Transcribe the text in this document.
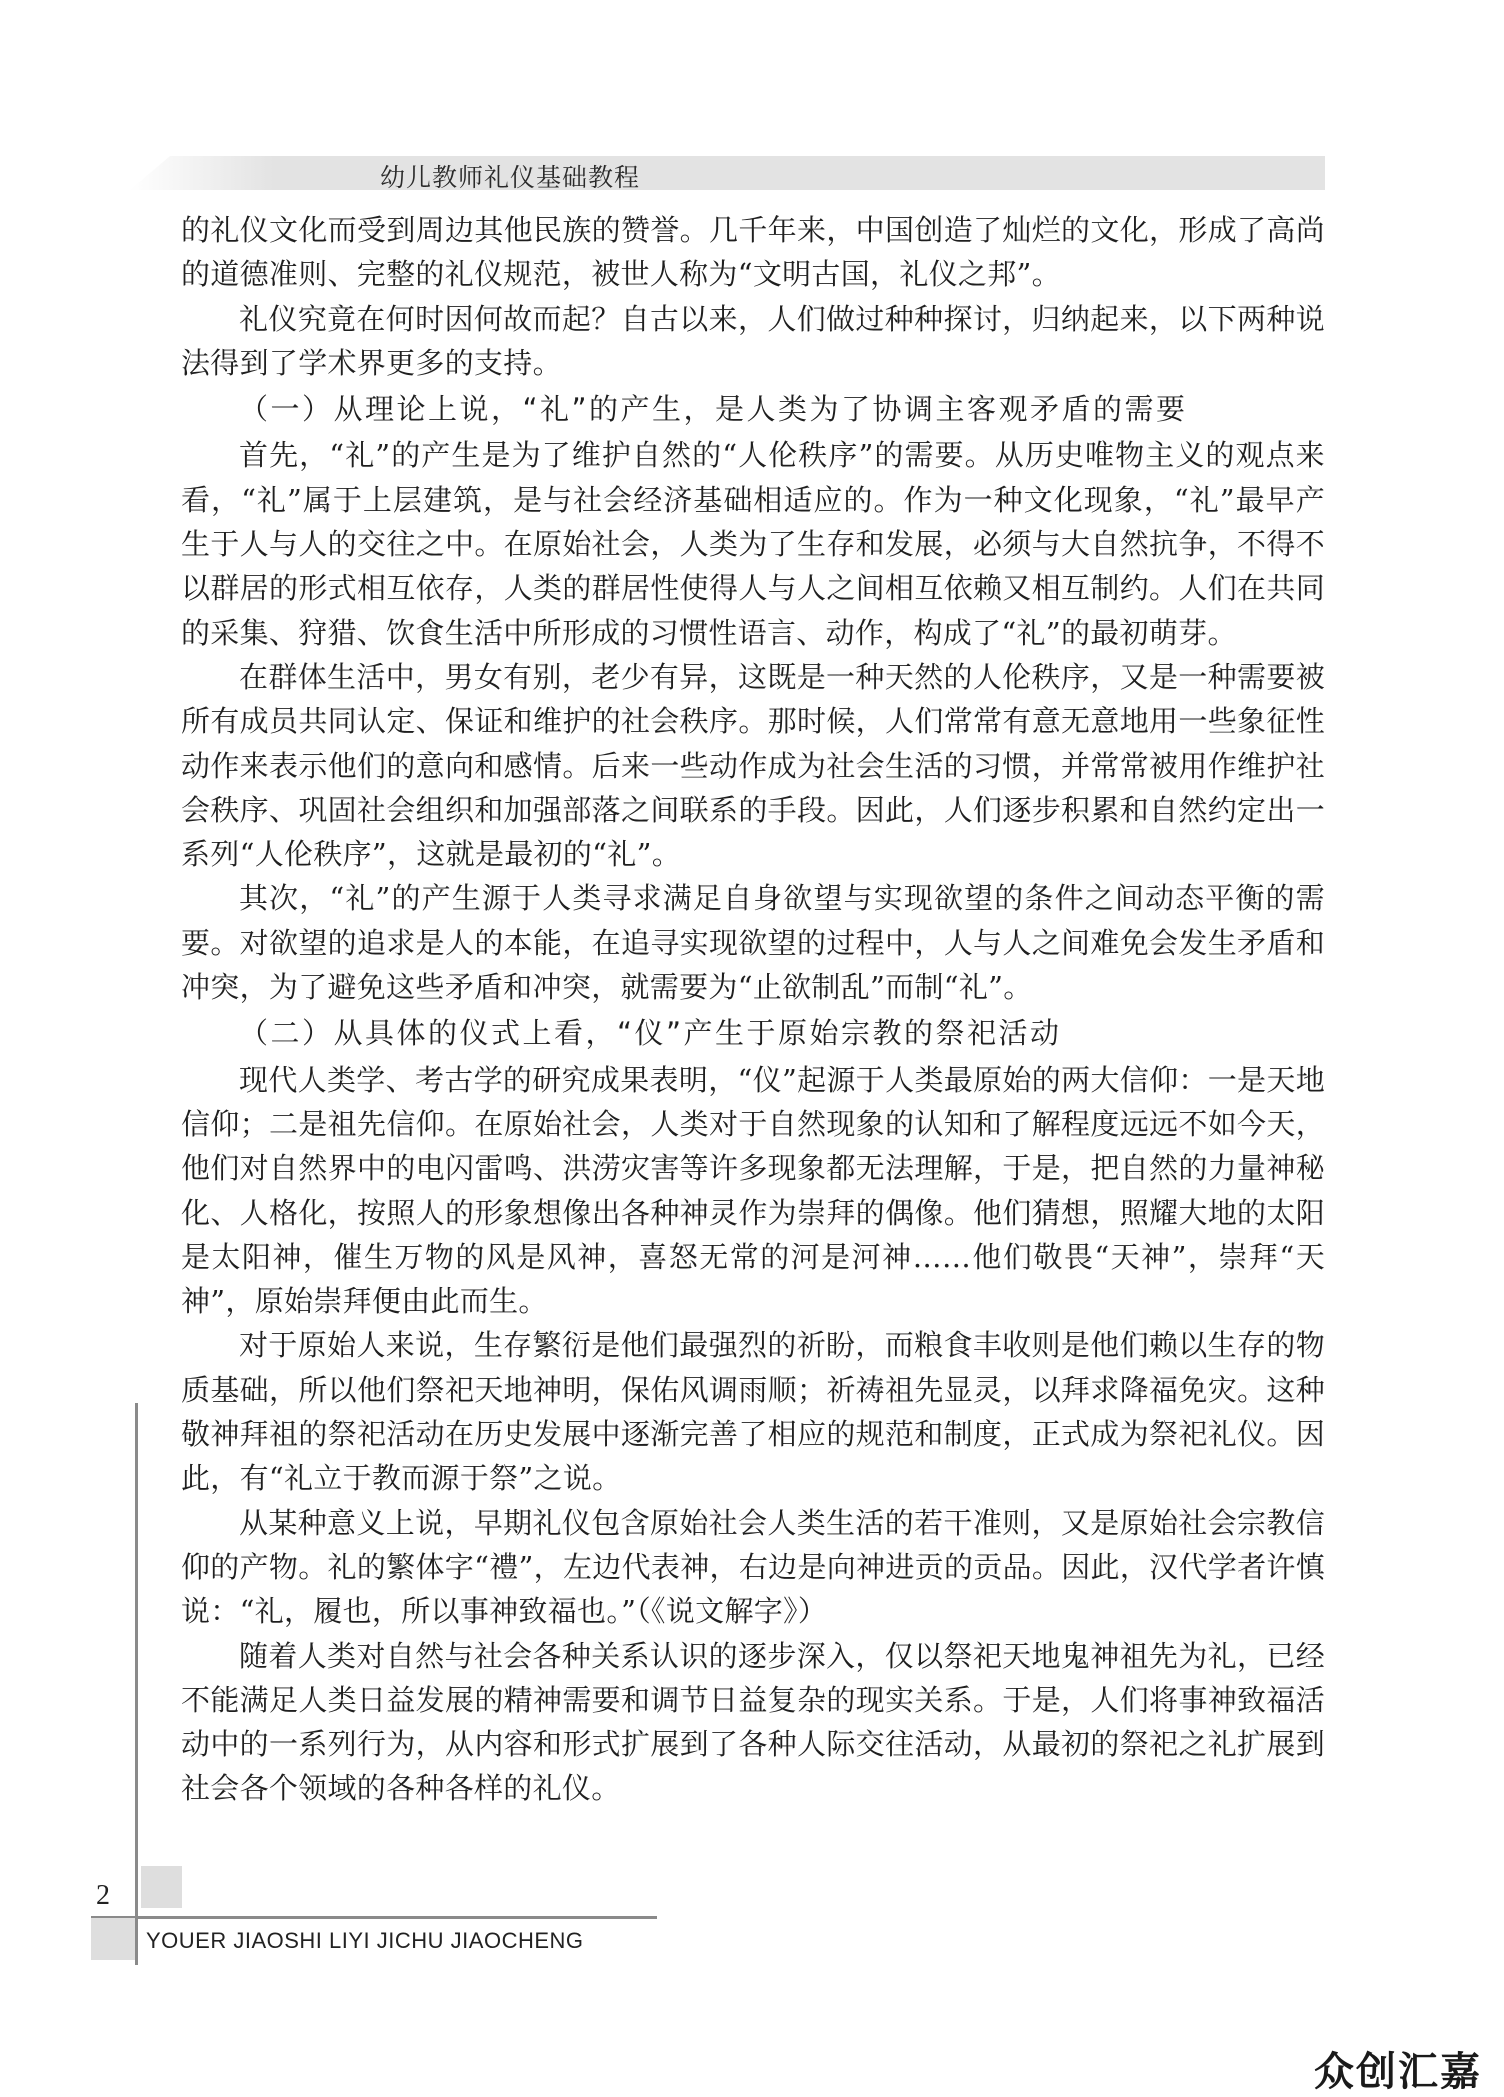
幼儿教师礼仪基础教程

的礼仪文化而受到周边其他民族的赞誉。几千年来，中国创造了灿烂的文化，形成了高尚的道德准则、完整的礼仪规范，被世人称为“文明古国，礼仪之邦”。

礼仪究竟在何时因何故而起？自古以来，人们做过种种探讨，归纳起来，以下两种说法得到了学术界更多的支持。

（一）从理论上说，“礼”的产生，是人类为了协调主客观矛盾的需要

首先，“礼”的产生是为了维护自然的“人伦秩序”的需要。从历史唯物主义的观点来看，“礼”属于上层建筑，是与社会经济基础相适应的。作为一种文化现象，“礼”最早产生于人与人的交往之中。在原始社会，人类为了生存和发展，必须与大自然抗争，不得不以群居的形式相互依存，人类的群居性使得人与人之间相互依赖又相互制约。人们在共同的采集、狩猎、饮食生活中所形成的习惯性语言、动作，构成了“礼”的最初萌芽。

在群体生活中，男女有别，老少有异，这既是一种天然的人伦秩序，又是一种需要被所有成员共同认定、保证和维护的社会秩序。那时候，人们常常有意无意地用一些象征性动作来表示他们的意向和感情。后来一些动作成为社会生活的习惯，并常常被用作维护社会秩序、巩固社会组织和加强部落之间联系的手段。因此，人们逐步积累和自然约定出一系列“人伦秩序”，这就是最初的“礼”。

其次，“礼”的产生源于人类寻求满足自身欲望与实现欲望的条件之间动态平衡的需要。对欲望的追求是人的本能，在追寻实现欲望的过程中，人与人之间难免会发生矛盾和冲突，为了避免这些矛盾和冲突，就需要为“止欲制乱”而制“礼”。

（二）从具体的仪式上看，“仪”产生于原始宗教的祭祀活动

现代人类学、考古学的研究成果表明，“仪”起源于人类最原始的两大信仰：一是天地信仰；二是祖先信仰。在原始社会，人类对于自然现象的认知和了解程度远远不如今天，他们对自然界中的电闪雷鸣、洪涝灾害等许多现象都无法理解，于是，把自然的力量神秘化、人格化，按照人的形象想像出各种神灵作为崇拜的偶像。他们猜想，照耀大地的太阳是太阳神，催生万物的风是风神，喜怒无常的河是河神……他们敬畏“天神”，崇拜“天神”，原始崇拜便由此而生。

对于原始人来说，生存繁衍是他们最强烈的祈盼，而粮食丰收则是他们赖以生存的物质基础，所以他们祭祀天地神明，保佑风调雨顺；祈祷祖先显灵，以拜求降福免灾。这种敬神拜祖的祭祀活动在历史发展中逐渐完善了相应的规范和制度，正式成为祭祀礼仪。因此，有“礼立于教而源于祭”之说。

从某种意义上说，早期礼仪包含原始社会人类生活的若干准则，又是原始社会宗教信仰的产物。礼的繁体字“禮”，左边代表神，右边是向神进贡的贡品。因此，汉代学者许慎说：“礼，履也，所以事神致福也。”（《说文解字》）

随着人类对自然与社会各种关系认识的逐步深入，仅以祭祀天地鬼神祖先为礼，已经不能满足人类日益发展的精神需要和调节日益复杂的现实关系。于是，人们将事神致福活动中的一系列行为，从内容和形式扩展到了各种人际交往活动，从最初的祭祀之礼扩展到社会各个领域的各种各样的礼仪。

2
YOUER JIAOSHI LIYI JICHU JIAOCHENG
众创汇嘉
